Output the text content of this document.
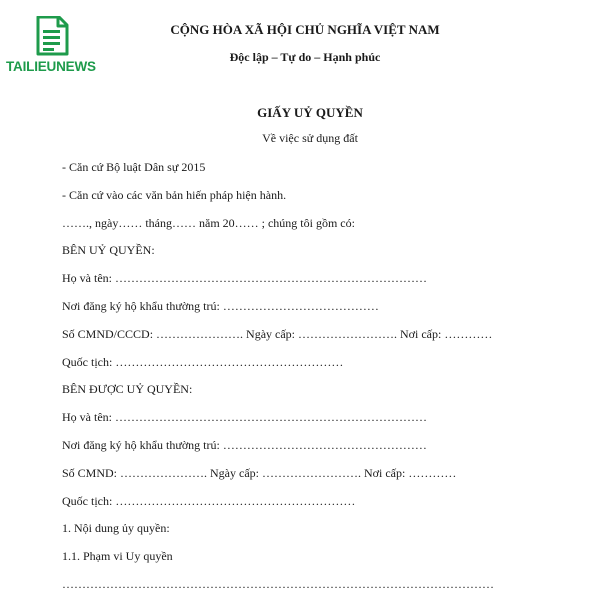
TAILIEUNEWS
CỘNG HÒA XÃ HỘI CHỦ NGHĨA VIỆT NAM
Độc lập – Tự do – Hạnh phúc
GIẤY UỶ QUYỀN
Về việc sử dụng đất
- Căn cứ Bộ luật Dân sự 2015
- Căn cứ vào các văn bản hiến pháp hiện hành.
……., ngày…… tháng…… năm 20…… ; chúng tôi gồm có:
BÊN UỶ QUYỀN:
Họ và tên: ……………………………………………………………………
Nơi đăng ký hộ khẩu thường trú: …………………………………
Số CMND/CCCD: …………………. Ngày cấp: ……………………. Nơi cấp: …………
Quốc tịch: …………………………………………………
BÊN ĐƯỢC UỶ QUYỀN:
Họ và tên: ……………………………………………………………………
Nơi đăng ký hộ khẩu thường trú: ……………………………………………
Số CMND: …………………. Ngày cấp: ……………………. Nơi cấp: …………
Quốc tịch: ……………………………………………………
1. Nội dung ủy quyền:
1.1. Phạm vi Uy quyền
………………………………………………………………………………………………
